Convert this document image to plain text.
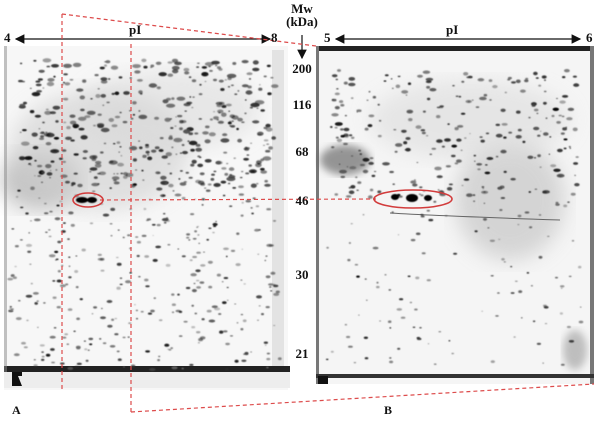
4
pI
8	5
pI
6
Mw
(kDa)
200
116
68
46
30
21
A	B
